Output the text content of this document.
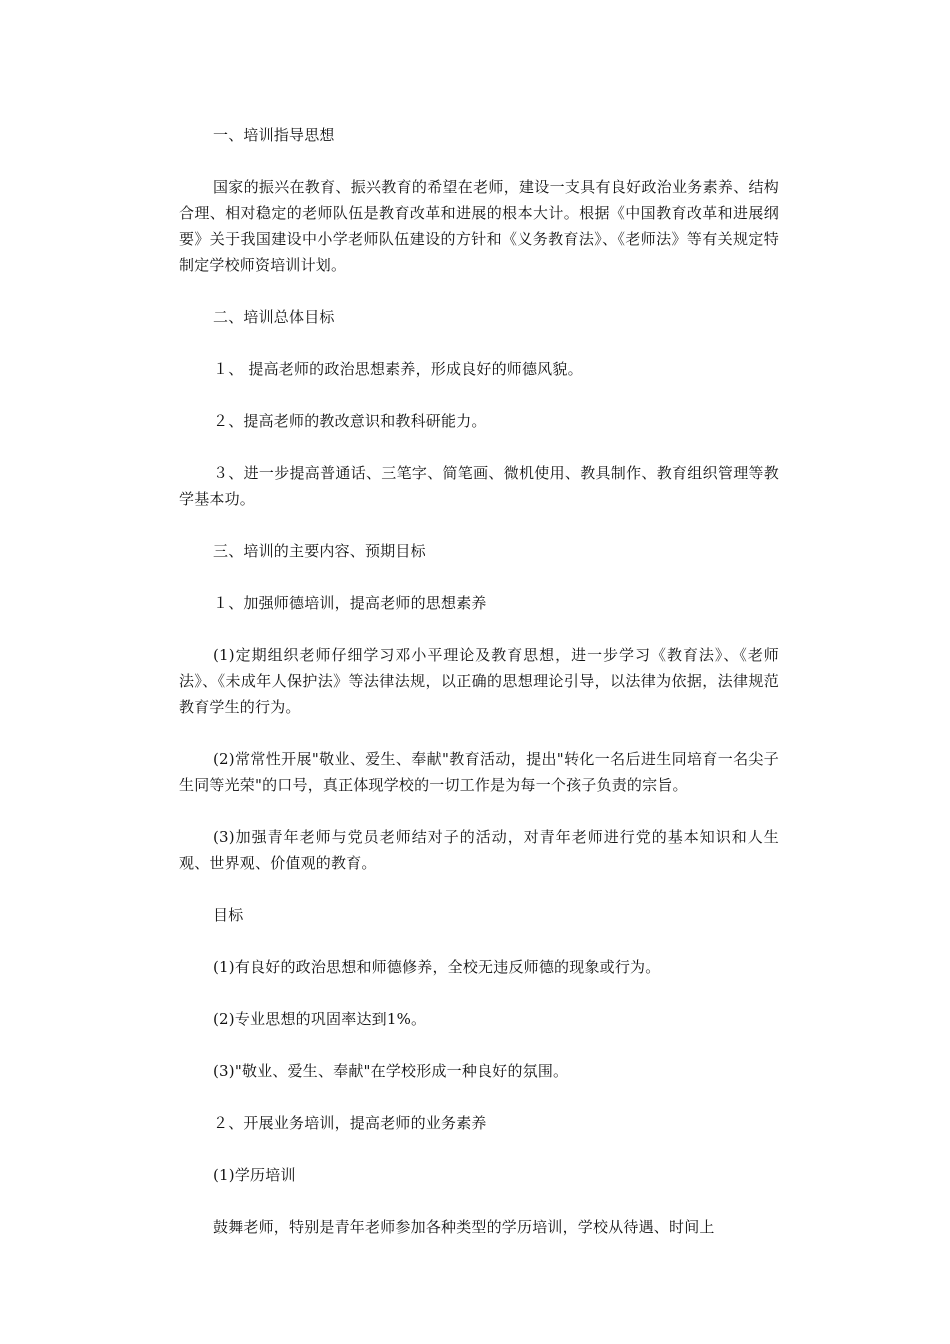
一、培训指导思想

国家的振兴在教育、振兴教育的希望在老师，建设一支具有良好政治业务素养、结构合理、相对稳定的老师队伍是教育改革和进展的根本大计。根据《中国教育改革和进展纲要》关于我国建设中小学老师队伍建设的方针和《义务教育法》、《老师法》等有关规定特制定学校师资培训计划。

二、培训总体目标

１、 提高老师的政治思想素养，形成良好的师德风貌。

２、提高老师的教改意识和教科研能力。

３、进一步提高普通话、三笔字、简笔画、微机使用、教具制作、教育组织管理等教学基本功。

三、培训的主要内容、预期目标

１、加强师德培训，提高老师的思想素养

(1)定期组织老师仔细学习邓小平理论及教育思想，进一步学习《教育法》、《老师法》、《未成年人保护法》等法律法规，以正确的思想理论引导，以法律为依据，法律规范教育学生的行为。

(2)常常性开展"敬业、爱生、奉献"教育活动，提出"转化一名后进生同培育一名尖子生同等光荣"的口号，真正体现学校的一切工作是为每一个孩子负责的宗旨。

(3)加强青年老师与党员老师结对子的活动，对青年老师进行党的基本知识和人生观、世界观、价值观的教育。

目标

(1)有良好的政治思想和师德修养，全校无违反师德的现象或行为。

(2)专业思想的巩固率达到1%。

(3)"敬业、爱生、奉献"在学校形成一种良好的氛围。

２、开展业务培训，提高老师的业务素养

(1)学历培训

鼓舞老师，特别是青年老师参加各种类型的学历培训，学校从待遇、时间上
